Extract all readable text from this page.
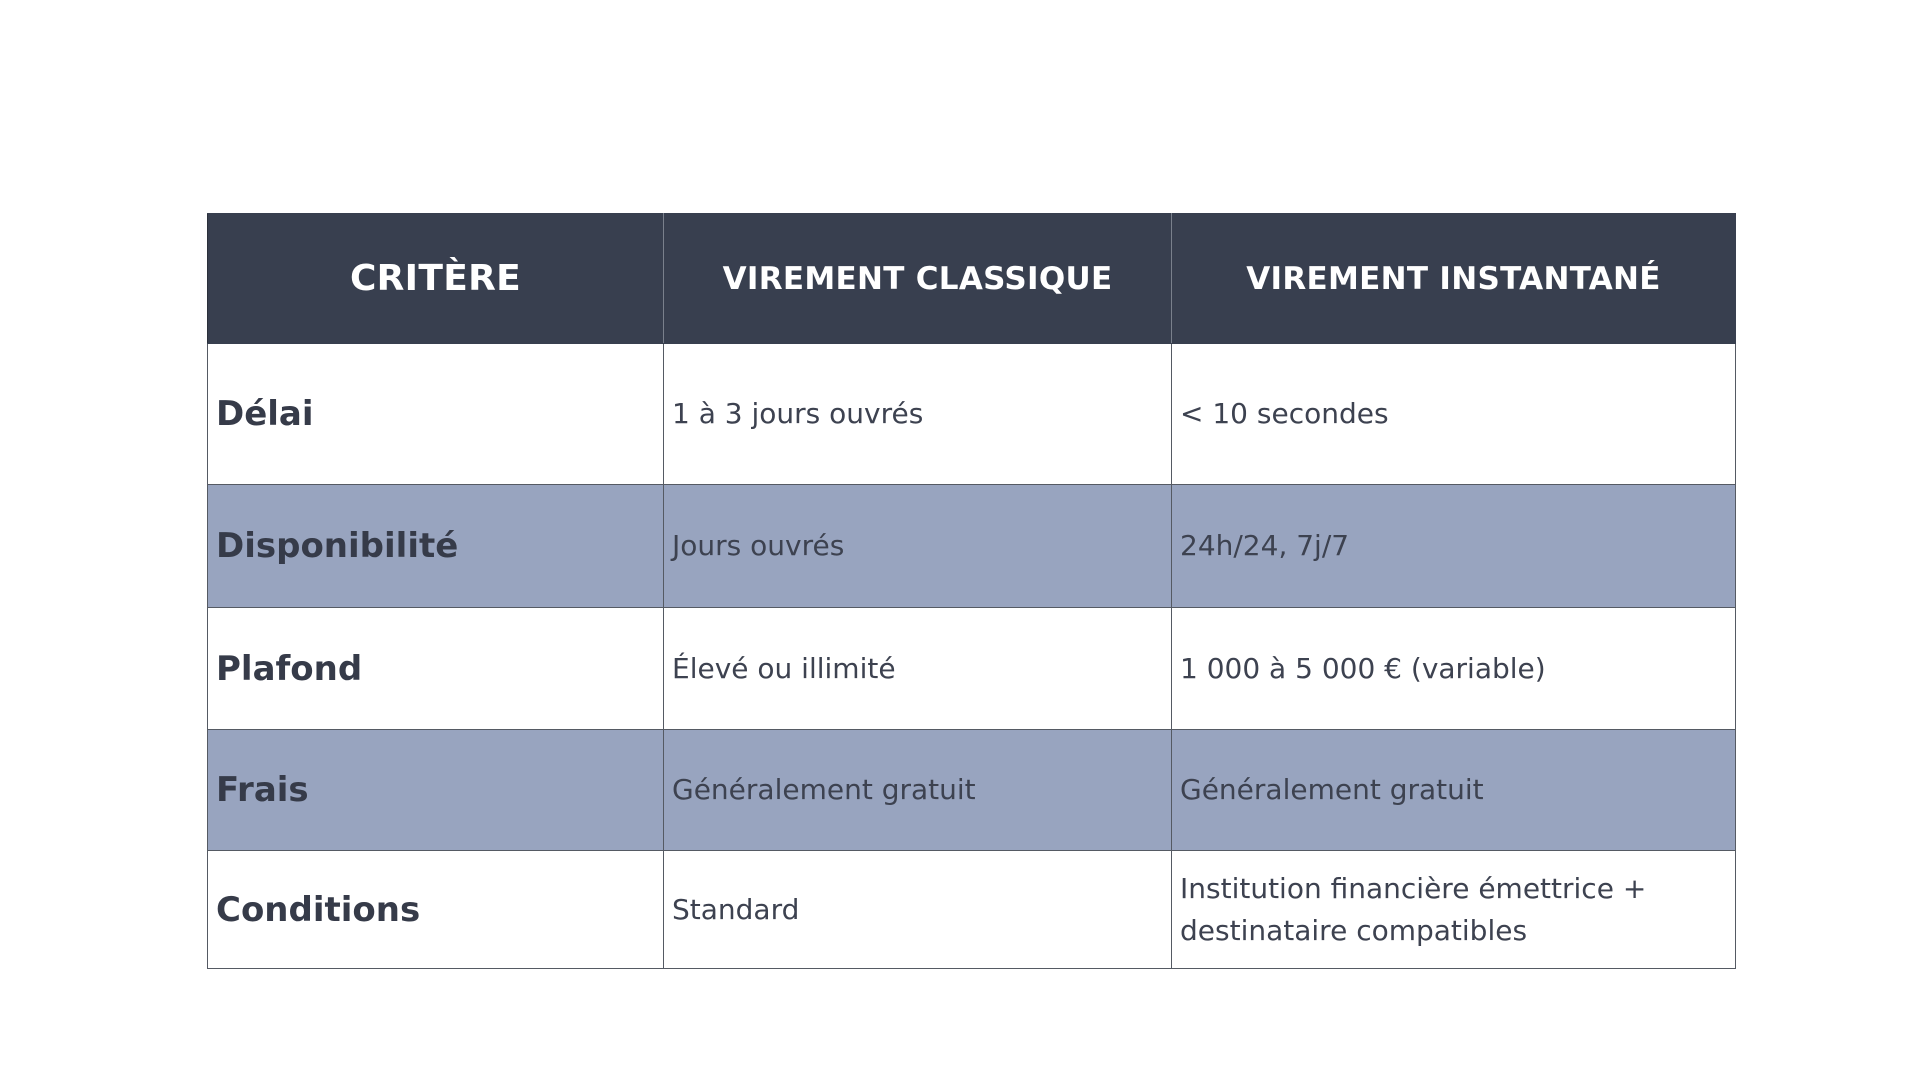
CRITÈRE	VIREMENT CLASSIQUE	VIREMENT INSTANTANÉ
Délai	1 à 3 jours ouvrés	< 10 secondes
Disponibilité	Jours ouvrés	24h/24, 7j/7
Plafond	Élevé ou illimité	1 000 à 5 000 € (variable)
Frais	Généralement gratuit	Généralement gratuit
Conditions	Standard	Institution financière émettrice + destinataire compatibles
